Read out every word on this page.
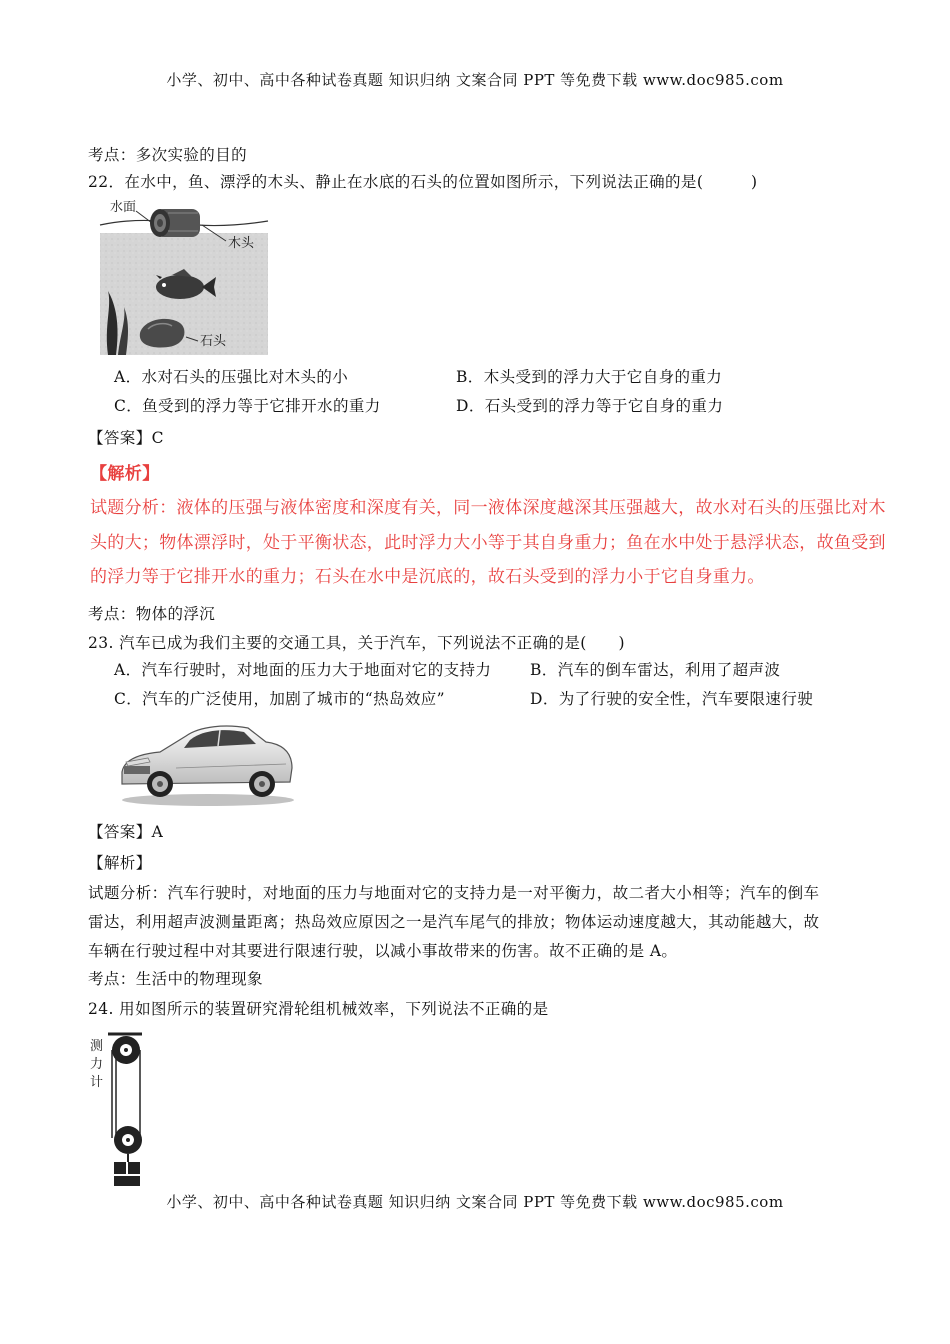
小学、初中、高中各种试卷真题 知识归纳 文案合同 PPT 等免费下载 www.doc985.com
考点：多次实验的目的
22．在水中，鱼、漂浮的木头、静止在水底的石头的位置如图所示，下列说法正确的是(　　　)
水面
木头
石头
A．水对石头的压强比对木头的小	B．木头受到的浮力大于它自身的重力
C．鱼受到的浮力等于它排开水的重力	D．石头受到的浮力等于它自身的重力
【答案】C
【解析】
试题分析：液体的压强与液体密度和深度有关，同一液体深度越深其压强越大，故水对石头的压强比对木
头的大；物体漂浮时，处于平衡状态，此时浮力大小等于其自身重力；鱼在水中处于悬浮状态，故鱼受到
的浮力等于它排开水的重力；石头在水中是沉底的，故石头受到的浮力小于它自身重力。
考点：物体的浮沉
23. 汽车已成为我们主要的交通工具，关于汽车，下列说法不正确的是(　　)
A．汽车行驶时，对地面的压力大于地面对它的支持力 B．汽车的倒车雷达，利用了超声波
C．汽车的广泛使用，加剧了城市的“热岛效应”	D．为了行驶的安全性，汽车要限速行驶
【答案】A
【解析】
试题分析：汽车行驶时，对地面的压力与地面对它的支持力是一对平衡力，故二者大小相等；汽车的倒车
雷达，利用超声波测量距离；热岛效应原因之一是汽车尾气的排放；物体运动速度越大，其动能越大，故
车辆在行驶过程中对其要进行限速行驶，以减小事故带来的伤害。故不正确的是 A。
考点：生活中的物理现象
24. 用如图所示的装置研究滑轮组机械效率，下列说法不正确的是
测
力
计
小学、初中、高中各种试卷真题 知识归纳 文案合同 PPT 等免费下载 www.doc985.com
